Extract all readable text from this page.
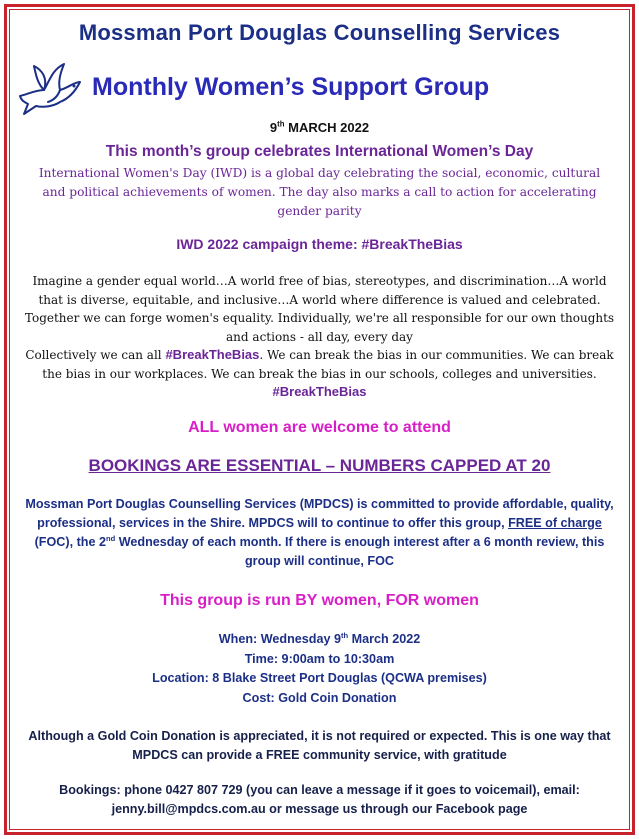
Mossman Port Douglas Counselling Services
Monthly Women’s Support Group
9th MARCH 2022
This month’s group celebrates International Women’s Day
International Women's Day (IWD) is a global day celebrating the social, economic, cultural and political achievements of women. The day also marks a call to action for accelerating gender parity
IWD 2022 campaign theme: #BreakTheBias
Imagine a gender equal world…A world free of bias, stereotypes, and discrimination…A world that is diverse, equitable, and inclusive…A world where difference is valued and celebrated. Together we can forge women's equality. Individually, we're all responsible for our own thoughts and actions - all day, every day
Collectively we can all #BreakTheBias. We can break the bias in our communities. We can break the bias in our workplaces. We can break the bias in our schools, colleges and universities. #BreakTheBias
ALL women are welcome to attend
BOOKINGS ARE ESSENTIAL – NUMBERS CAPPED AT 20
Mossman Port Douglas Counselling Services (MPDCS) is committed to provide affordable, quality, professional, services in the Shire. MPDCS will to continue to offer this group, FREE of charge (FOC), the 2nd Wednesday of each month. If there is enough interest after a 6 month review, this group will continue, FOC
This group is run BY women, FOR women
When: Wednesday 9th March 2022
Time: 9:00am to 10:30am
Location: 8 Blake Street Port Douglas (QCWA premises)
Cost: Gold Coin Donation
Although a Gold Coin Donation is appreciated, it is not required or expected. This is one way that MPDCS can provide a FREE community service, with gratitude
Bookings: phone 0427 807 729 (you can leave a message if it goes to voicemail), email: jenny.bill@mpdcs.com.au or message us through our Facebook page
